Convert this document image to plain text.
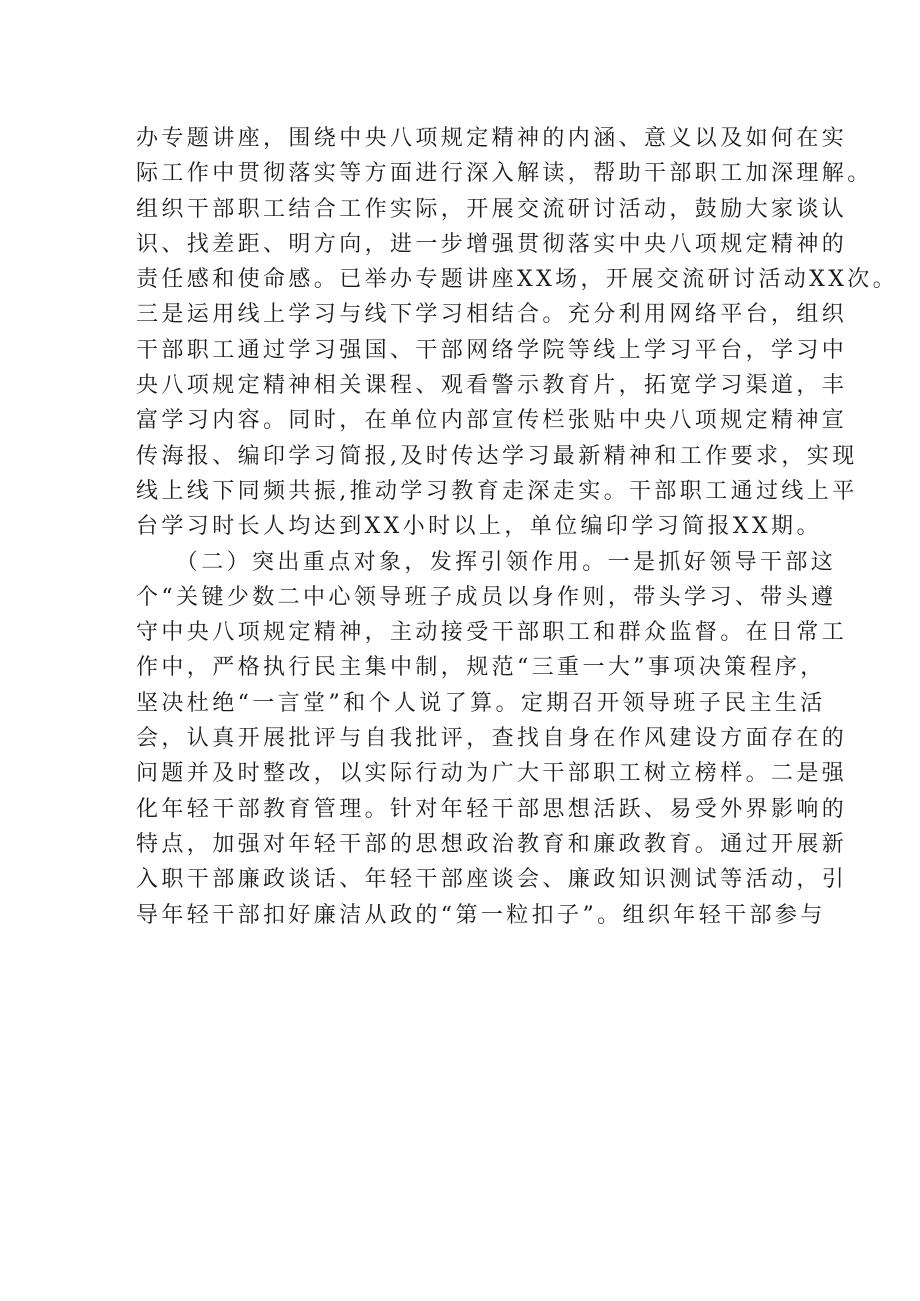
办专题讲座，围绕中央八项规定精神的内涵、意义以及如何在实
际工作中贯彻落实等方面进行深入解读，帮助干部职工加深理解。
组织干部职工结合工作实际，开展交流研讨活动，鼓励大家谈认
识、找差距、明方向，进一步增强贯彻落实中央八项规定精神的
责任感和使命感。已举办专题讲座XX场，开展交流研讨活动XX次。
三是运用线上学习与线下学习相结合。充分利用网络平台，组织
干部职工通过学习强国、干部网络学院等线上学习平台，学习中
央八项规定精神相关课程、观看警示教育片，拓宽学习渠道，丰
富学习内容。同时，在单位内部宣传栏张贴中央八项规定精神宣
传海报、编印学习简报,及时传达学习最新精神和工作要求，实现
线上线下同频共振,推动学习教育走深走实。干部职工通过线上平
台学习时长人均达到XX小时以上，单位编印学习简报XX期。
　　（二）突出重点对象，发挥引领作用。一是抓好领导干部这
个“关键少数二中心领导班子成员以身作则，带头学习、带头遵
守中央八项规定精神，主动接受干部职工和群众监督。在日常工
作中，严格执行民主集中制，规范“三重一大”事项决策程序，
坚决杜绝“一言堂”和个人说了算。定期召开领导班子民主生活
会，认真开展批评与自我批评，查找自身在作风建设方面存在的
问题并及时整改，以实际行动为广大干部职工树立榜样。二是强
化年轻干部教育管理。针对年轻干部思想活跃、易受外界影响的
特点，加强对年轻干部的思想政治教育和廉政教育。通过开展新
入职干部廉政谈话、年轻干部座谈会、廉政知识测试等活动，引
导年轻干部扣好廉洁从政的“第一粒扣子”。组织年轻干部参与
